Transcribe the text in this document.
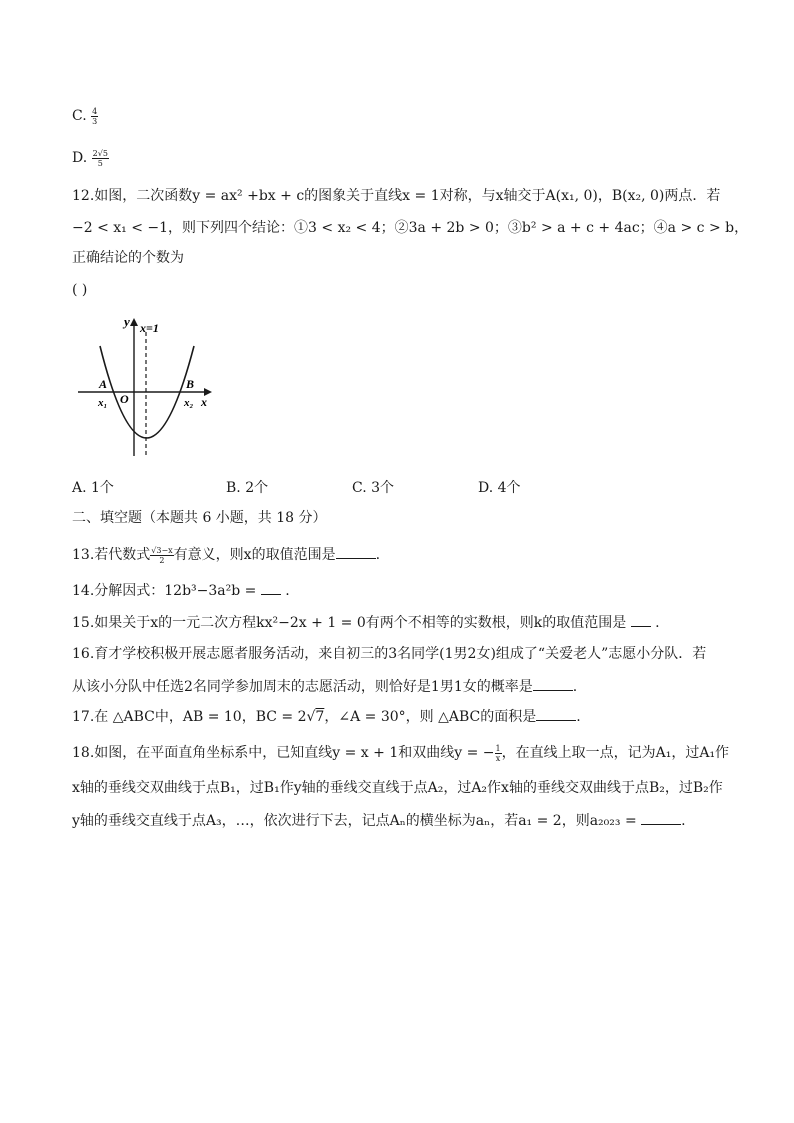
C. $\frac{4}{3}$
D. $\frac{2√5}{5}$
12.如图，二次函数y = ax² +bx + c的图象关于直线x = 1对称，与x轴交于A(x₁, 0)，B(x₂, 0)两点．若
−2 < x₁ < −1，则下列四个结论：①3 < x₂ < 4；②3a + 2b > 0；③b² > a + c + 4ac；④a > c > b，
正确结论的个数为
( )
y x=1
A	B
x₁ O	x₂ x
A. 1个	B. 2个	C. 3个	D. 4个
二、填空题（本题共 6 小题，共 18 分）
13.若代数式 $\frac{√3-x}{2}$ 有意义，则x的取值范围是	.
14.分解因式：12b³−3a²b =  .
15.如果关于x的一元二次方程kx²−2x + 1 = 0有两个不相等的实数根，则k的取值范围是  .
16.育才学校积极开展志愿者服务活动，来自初三的3名同学(1男2女)组成了“关爱老人”志愿小分队．若
从该小分队中任选2名同学参加周末的志愿活动，则恰好是1男1女的概率是	.
17.在 △ABC中，AB = 10，BC = 2√7，∠A = 30°，则 △ABC的面积是	.
18.如图，在平面直角坐标系中，已知直线y = x + 1和双曲线y = − $\frac{1}{x}$ ，在直线上取一点，记为A₁，过A₁作
x轴的垂线交双曲线于点B₁，过B₁作y轴的垂线交直线于点A₂，过A₂作x轴的垂线交双曲线于点B₂，过B₂作
y轴的垂线交直线于点A₃，…，依次进行下去，记点Aₙ的横坐标为aₙ，若a₁ = 2，则a₂₀₂₃ =	.
